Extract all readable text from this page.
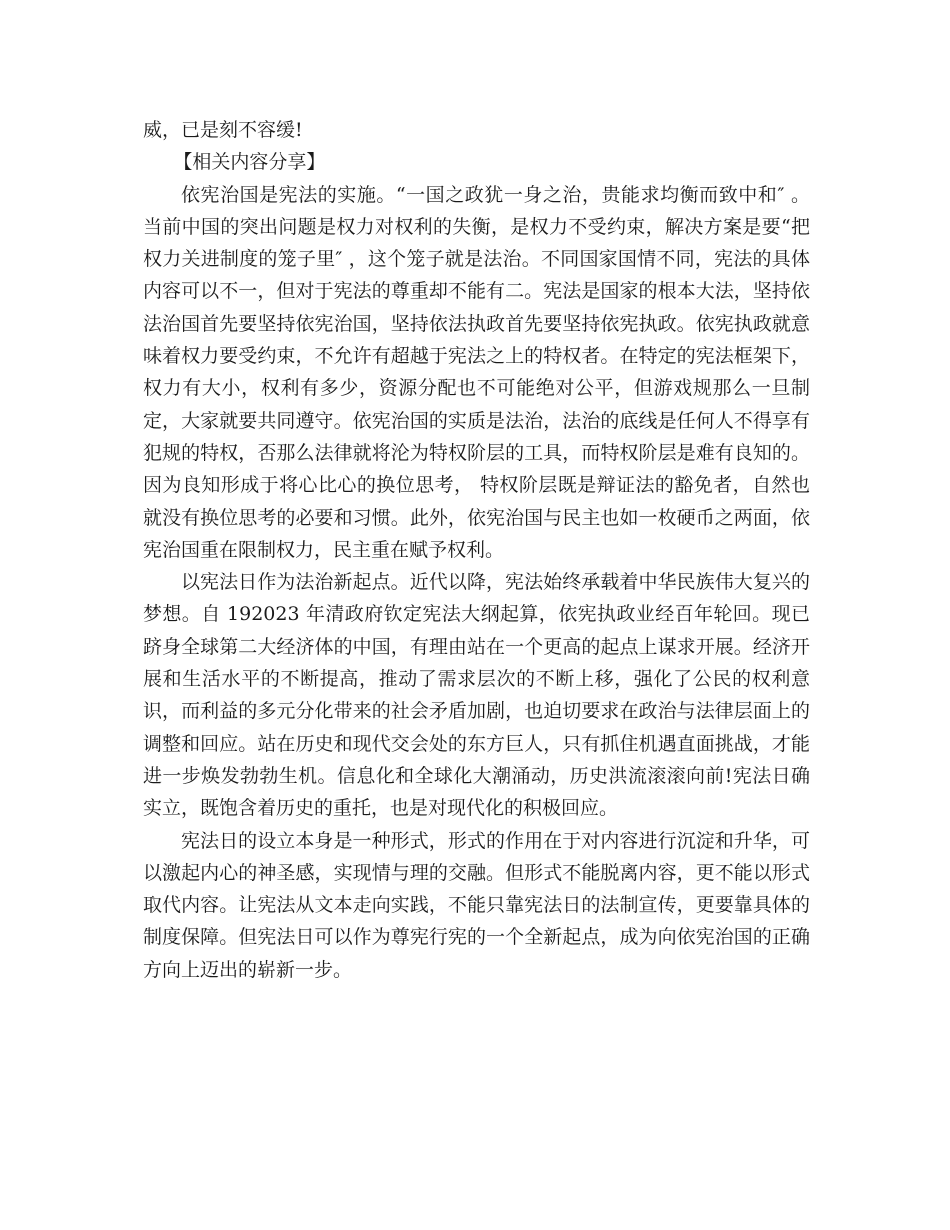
威，已是刻不容缓!

【相关内容分享】

依宪治国是宪法的实施。“一国之政犹一身之治，贵能求均衡而致中和″ 。当前中国的突出问题是权力对权利的失衡，是权力不受约束，解决方案是要“把权力关进制度的笼子里″ ，这个笼子就是法治。不同国家国情不同，宪法的具体内容可以不一，但对于宪法的尊重却不能有二。宪法是国家的根本大法，坚持依法治国首先要坚持依宪治国，坚持依法执政首先要坚持依宪执政。依宪执政就意味着权力要受约束，不允许有超越于宪法之上的特权者。在特定的宪法框架下，权力有大小，权利有多少，资源分配也不可能绝对公平，但游戏规那么一旦制定，大家就要共同遵守。依宪治国的实质是法治，法治的底线是任何人不得享有犯规的特权，否那么法律就将沦为特权阶层的工具，而特权阶层是难有良知的。因为良知形成于将心比心的换位思考， 特权阶层既是辩证法的豁免者，自然也就没有换位思考的必要和习惯。此外，依宪治国与民主也如一枚硬币之两面，依宪治国重在限制权力，民主重在赋予权利。

以宪法日作为法治新起点。近代以降，宪法始终承载着中华民族伟大复兴的梦想。自 192023 年清政府钦定宪法大纲起算，依宪执政业经百年轮回。现已跻身全球第二大经济体的中国，有理由站在一个更高的起点上谋求开展。经济开展和生活水平的不断提高，推动了需求层次的不断上移，强化了公民的权利意识，而利益的多元分化带来的社会矛盾加剧，也迫切要求在政治与法律层面上的调整和回应。站在历史和现代交会处的东方巨人，只有抓住机遇直面挑战，才能进一步焕发勃勃生机。信息化和全球化大潮涌动，历史洪流滚滚向前!宪法日确实立，既饱含着历史的重托，也是对现代化的积极回应。

宪法日的设立本身是一种形式，形式的作用在于对内容进行沉淀和升华，可以激起内心的神圣感，实现情与理的交融。但形式不能脱离内容，更不能以形式取代内容。让宪法从文本走向实践，不能只靠宪法日的法制宣传，更要靠具体的制度保障。但宪法日可以作为尊宪行宪的一个全新起点，成为向依宪治国的正确方向上迈出的崭新一步。
